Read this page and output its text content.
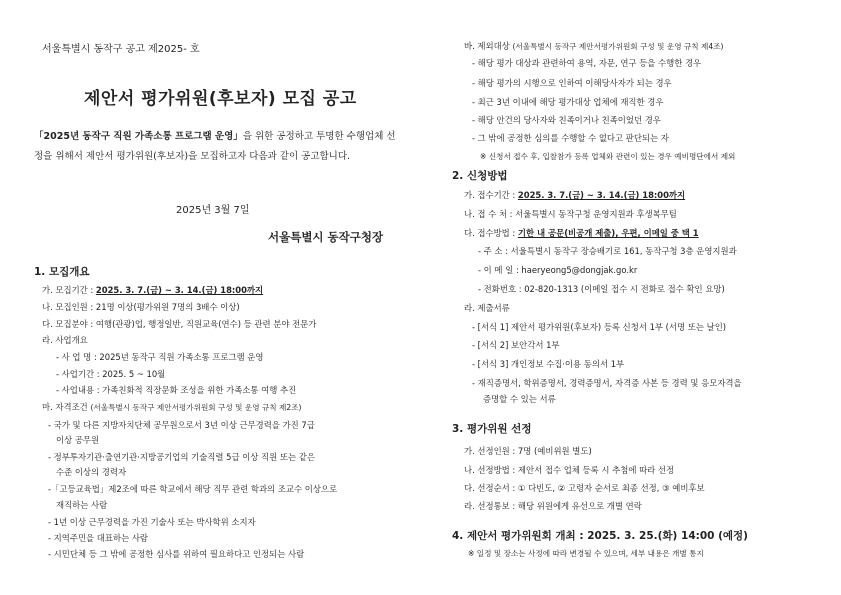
서울특별시 동작구 공고 제2025- 호
제안서 평가위원(후보자) 모집 공고
「2025년 동작구 직원 가족소통 프로그램 운영」을 위한 공정하고 투명한 수행업체 선정을 위해서 제안서 평가위원(후보자)을 모집하고자 다음과 같이 공고합니다.
2025년 3월 7일
서울특별시 동작구청장
1. 모집개요
가. 모집기간 : 2025. 3. 7.(금) ~ 3. 14.(금) 18:00까지
나. 모집인원 : 21명 이상(평가위원 7명의 3배수 이상)
다. 모집분야 : 여행(관광)업, 행정일반, 직원교육(연수) 등 관련 분야 전문가
라. 사업개요
- 사 업 명 : 2025년 동작구 직원 가족소통 프로그램 운영
- 사업기간 : 2025. 5 ~ 10월
- 사업내용 : 가족친화적 직장문화 조성을 위한 가족소통 여행 추진
마. 자격조건 (서울특별시 동작구 제안서평가위원회 구성 및 운영 규칙 제2조)
- 국가 및 다른 지방자치단체 공무원으로서 3년 이상 근무경력을 가진 7급
이상 공무원
- 정부투자기관·출연기관·지방공기업의 기술직렬 5급 이상 직원 또는 같은
수준 이상의 경력자
-「고등교육법」제2조에 따른 학교에서 해당 직무 관련 학과의 조교수 이상으로
재직하는 사람
- 1년 이상 근무경력을 가진 기술사 또는 박사학위 소지자
- 지역주민을 대표하는 사람
- 시민단체 등 그 밖에 공정한 심사를 위하여 필요하다고 인정되는 사람
바. 제외대상 (서울특별시 동작구 제안서평가위원회 구성 및 운영 규칙 제4조)
- 해당 평가 대상과 관련하여 용역, 자문, 연구 등을 수행한 경우
- 해당 평가의 시행으로 인하여 이해당사자가 되는 경우
- 최근 3년 이내에 해당 평가대상 업체에 재직한 경우
- 해당 안건의 당사자와 친족이거나 친족이었던 경우
- 그 밖에 공정한 심의를 수행할 수 없다고 판단되는 자
※ 신청서 접수 후, 입찰참가 등록 업체와 관련이 있는 경우 예비명단에서 제외
2. 신청방법
가. 접수기간 : 2025. 3. 7.(금) ~ 3. 14.(금) 18:00까지
나. 접 수 처 : 서울특별시 동작구청 운영지원과 후생복무팀
다. 접수방법 : 기한 내 공문(비공개 제출), 우편, 이메일 중 택 1
- 주 소 : 서울특별시 동작구 장승배기로 161, 동작구청 3층 운영지원과
- 이 메 일 : haeryeong5@dongjak.go.kr
- 전화번호 : 02-820-1313 (이메일 접수 시 전화로 접수 확인 요망)
라. 제출서류
- [서식 1] 제안서 평가위원(후보자) 등록 신청서 1부 (서명 또는 날인)
- [서식 2] 보안각서 1부
- [서식 3] 개인정보 수집·이용 동의서 1부
- 재직증명서, 학위증명서, 경력증명서, 자격증 사본 등 경력 및 응모자격을
증명할 수 있는 서류
3. 평가위원 선정
가. 선정인원 : 7명 (예비위원 별도)
나. 선정방법 : 제안서 접수 업체 등록 시 추첨에 따라 선정
다. 선정순서 : ① 다빈도, ② 고령자 순서로 최종 선정, ③ 예비후보
라. 선정통보 : 해당 위원에게 유선으로 개별 연락
4. 제안서 평가위원회 개최 : 2025. 3. 25.(화) 14:00 (예정)
※ 일정 및 장소는 사정에 따라 변경될 수 있으며, 세부 내용은 개별 통지
